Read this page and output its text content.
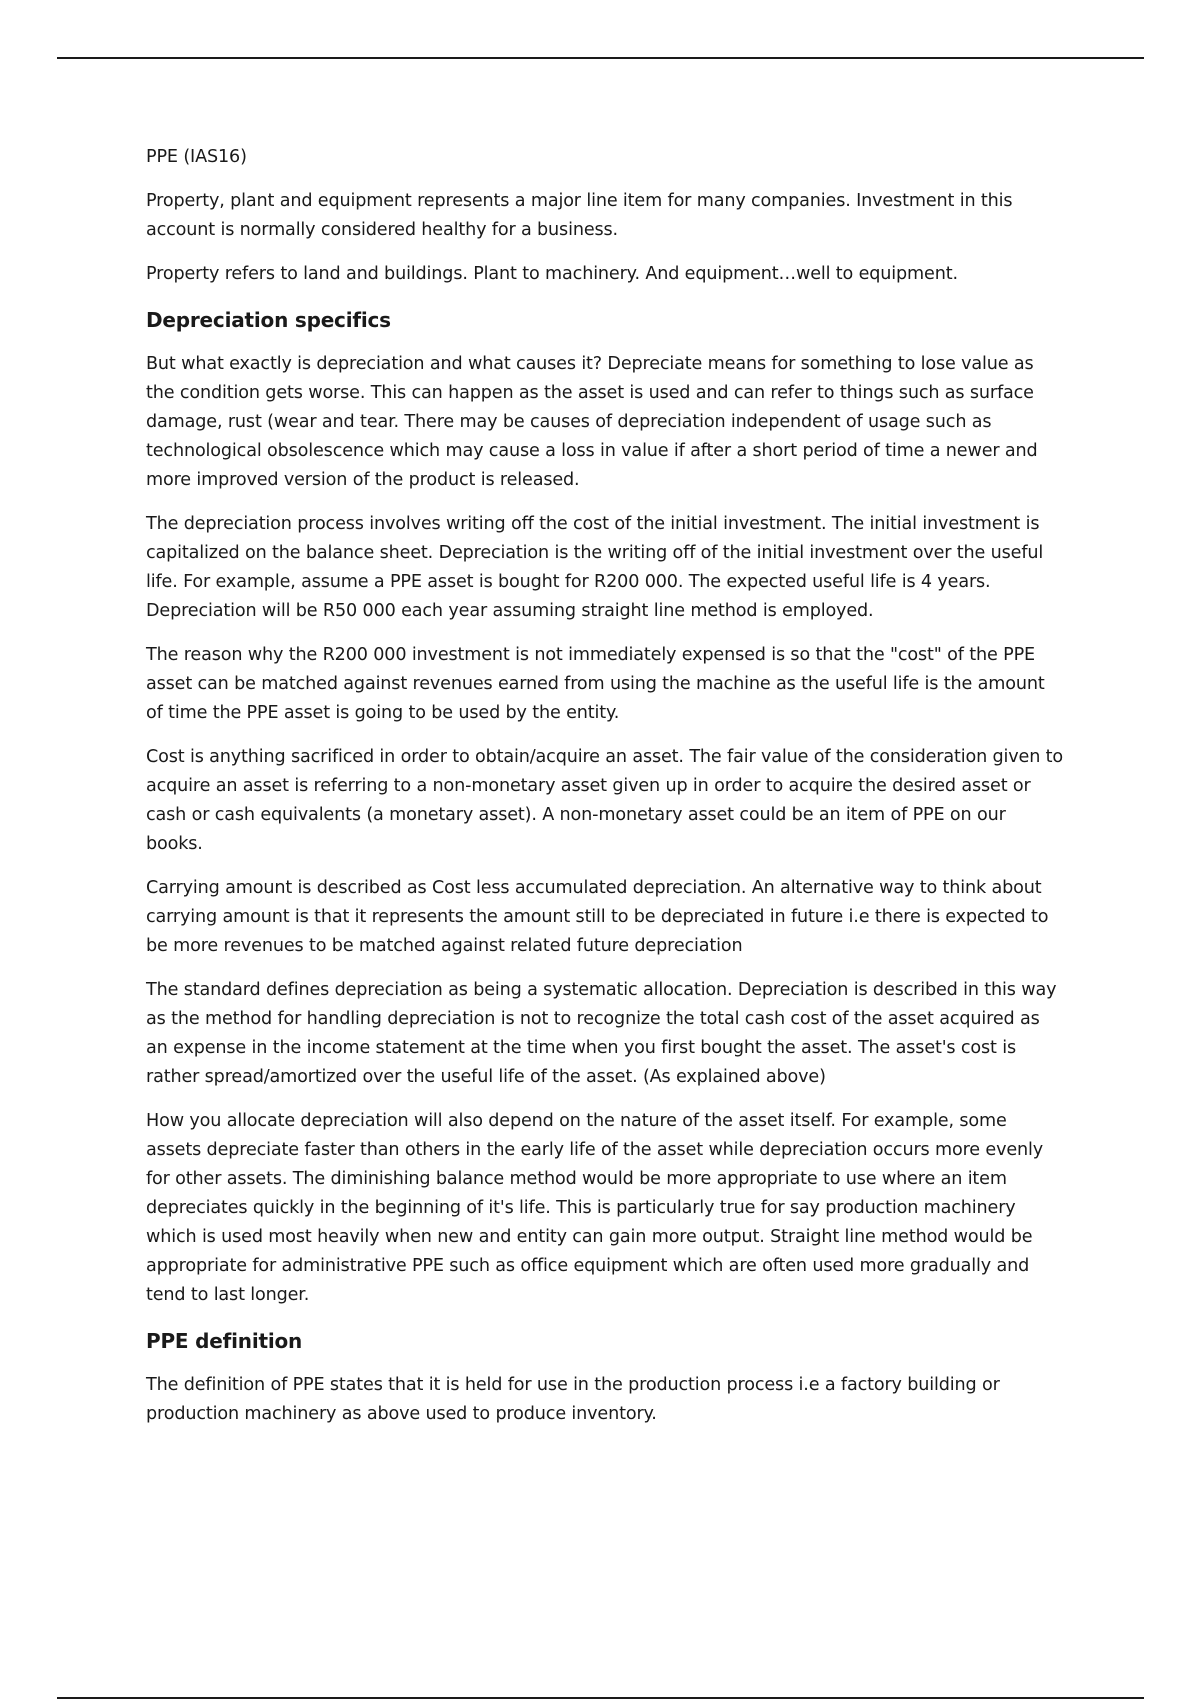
PPE (IAS16)

Property, plant and equipment represents a major line item for many companies. Investment in this account is normally considered healthy for a business.

Property refers to land and buildings. Plant to machinery. And equipment…well to equipment.

Depreciation specifics

But what exactly is depreciation and what causes it? Depreciate means for something to lose value as the condition gets worse. This can happen as the asset is used and can refer to things such as surface damage, rust (wear and tear. There may be causes of depreciation independent of usage such as technological obsolescence which may cause a loss in value if after a short period of time a newer and more improved version of the product is released.

The depreciation process involves writing off the cost of the initial investment. The initial investment is capitalized on the balance sheet. Depreciation is the writing off of the initial investment over the useful life. For example, assume a PPE asset is bought for R200 000. The expected useful life is 4 years. Depreciation will be R50 000 each year assuming straight line method is employed.

The reason why the R200 000 investment is not immediately expensed is so that the "cost" of the PPE asset can be matched against revenues earned from using the machine as the useful life is the amount of time the PPE asset is going to be used by the entity.

Cost is anything sacrificed in order to obtain/acquire an asset. The fair value of the consideration given to acquire an asset is referring to a non-monetary asset given up in order to acquire the desired asset or cash or cash equivalents (a monetary asset). A non-monetary asset could be an item of PPE on our books.

Carrying amount is described as Cost less accumulated depreciation. An alternative way to think about carrying amount is that it represents the amount still to be depreciated in future i.e there is expected to be more revenues to be matched against related future depreciation

The standard defines depreciation as being a systematic allocation. Depreciation is described in this way as the method for handling depreciation is not to recognize the total cash cost of the asset acquired as an expense in the income statement at the time when you first bought the asset. The asset's cost is rather spread/amortized over the useful life of the asset. (As explained above)

How you allocate depreciation will also depend on the nature of the asset itself. For example, some assets depreciate faster than others in the early life of the asset while depreciation occurs more evenly for other assets. The diminishing balance method would be more appropriate to use where an item depreciates quickly in the beginning of it's life. This is particularly true for say production machinery which is used most heavily when new and entity can gain more output. Straight line method would be appropriate for administrative PPE such as office equipment which are often used more gradually and tend to last longer.

PPE definition

The definition of PPE states that it is held for use in the production process i.e a factory building or production machinery as above used to produce inventory.
